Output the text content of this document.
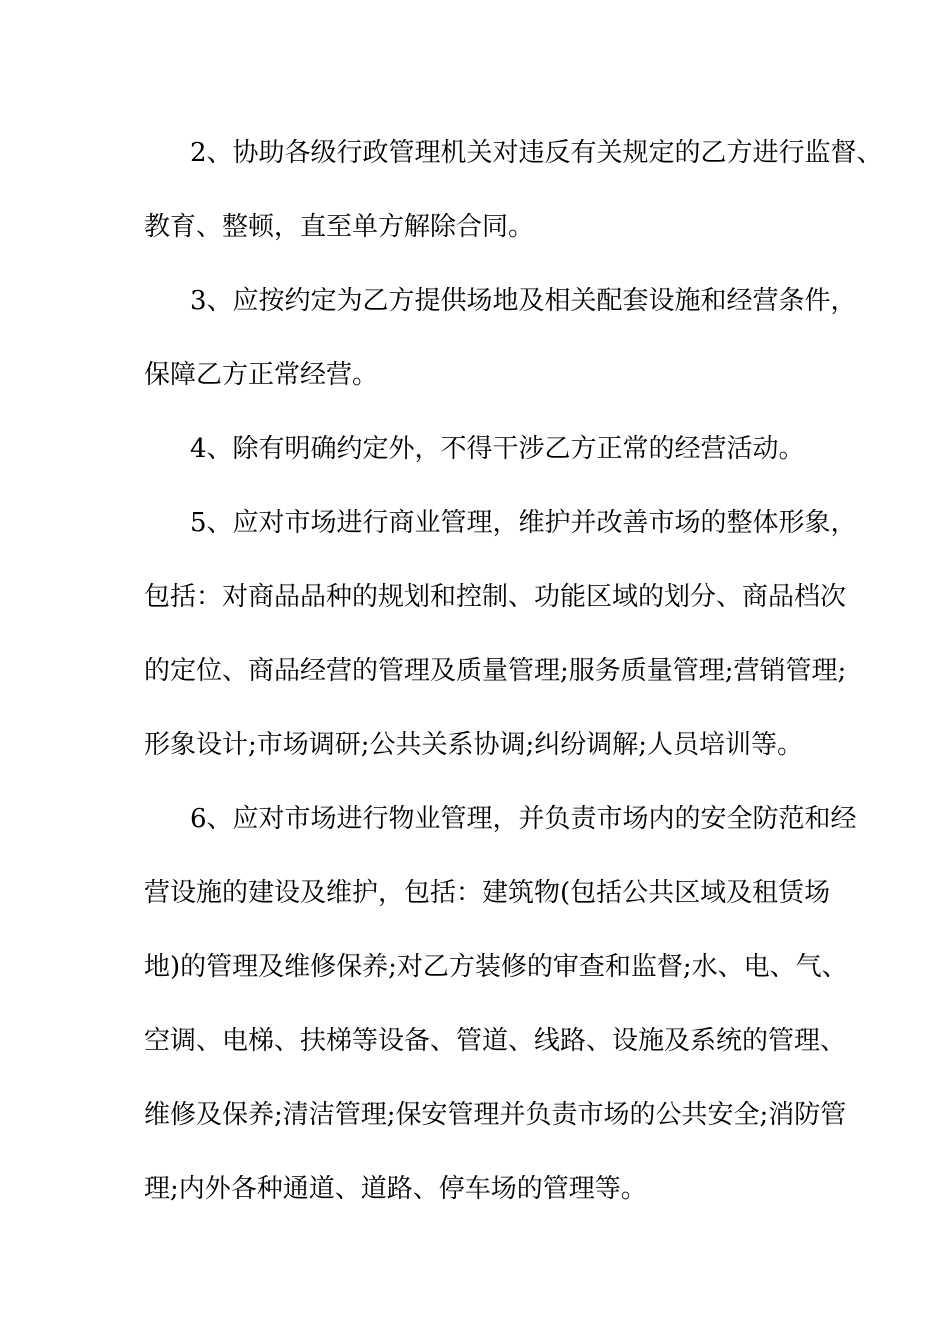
2、协助各级行政管理机关对违反有关规定的乙方进行监督、
教育、整顿，直至单方解除合同。
3、应按约定为乙方提供场地及相关配套设施和经营条件，
保障乙方正常经营。
4、除有明确约定外，不得干涉乙方正常的经营活动。
5、应对市场进行商业管理，维护并改善市场的整体形象，
包括：对商品品种的规划和控制、功能区域的划分、商品档次
的定位、商品经营的管理及质量管理;服务质量管理;营销管理;
形象设计;市场调研;公共关系协调;纠纷调解;人员培训等。
6、应对市场进行物业管理，并负责市场内的安全防范和经
营设施的建设及维护，包括：建筑物(包括公共区域及租赁场
地)的管理及维修保养;对乙方装修的审查和监督;水、电、气、
空调、电梯、扶梯等设备、管道、线路、设施及系统的管理、
维修及保养;清洁管理;保安管理并负责市场的公共安全;消防管
理;内外各种通道、道路、停车场的管理等。
